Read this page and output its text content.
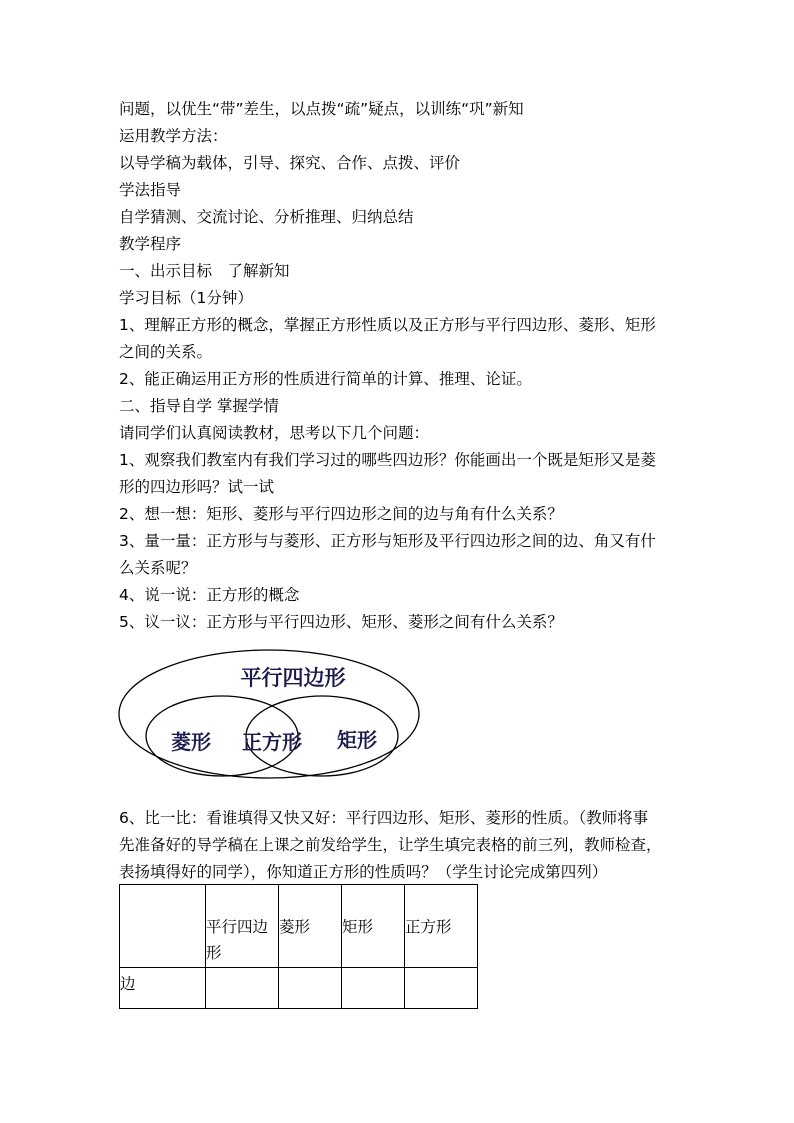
问题，以优生“带”差生，以点拨“疏”疑点，以训练“巩”新知
运用教学方法：
以导学稿为载体，引导、探究、合作、点拨、评价
学法指导
自学猜测、交流讨论、分析推理、归纳总结
教学程序
一、出示目标　了解新知
学习目标（1分钟）
1、理解正方形的概念，掌握正方形性质以及正方形与平行四边形、菱形、矩形
之间的关系。
2、能正确运用正方形的性质进行简单的计算、推理、论证。
二、指导自学 掌握学情
请同学们认真阅读教材，思考以下几个问题：
1、观察我们教室内有我们学习过的哪些四边形？你能画出一个既是矩形又是菱
形的四边形吗？试一试
2、想一想：矩形、菱形与平行四边形之间的边与角有什么关系？
3、量一量：正方形与与菱形、正方形与矩形及平行四边形之间的边、角又有什
么关系呢？
4、说一说：正方形的概念
5、议一议：正方形与平行四边形、矩形、菱形之间有什么关系？
平行四边形
菱形 正方形 矩形
6、比一比：看谁填得又快又好：平行四边形、矩形、菱形的性质。（教师将事
先准备好的导学稿在上课之前发给学生，让学生填完表格的前三列，教师检查，
表扬填得好的同学），你知道正方形的性质吗？（学生讨论完成第四列）

	平行四边形	菱形	矩形	正方形

边				
